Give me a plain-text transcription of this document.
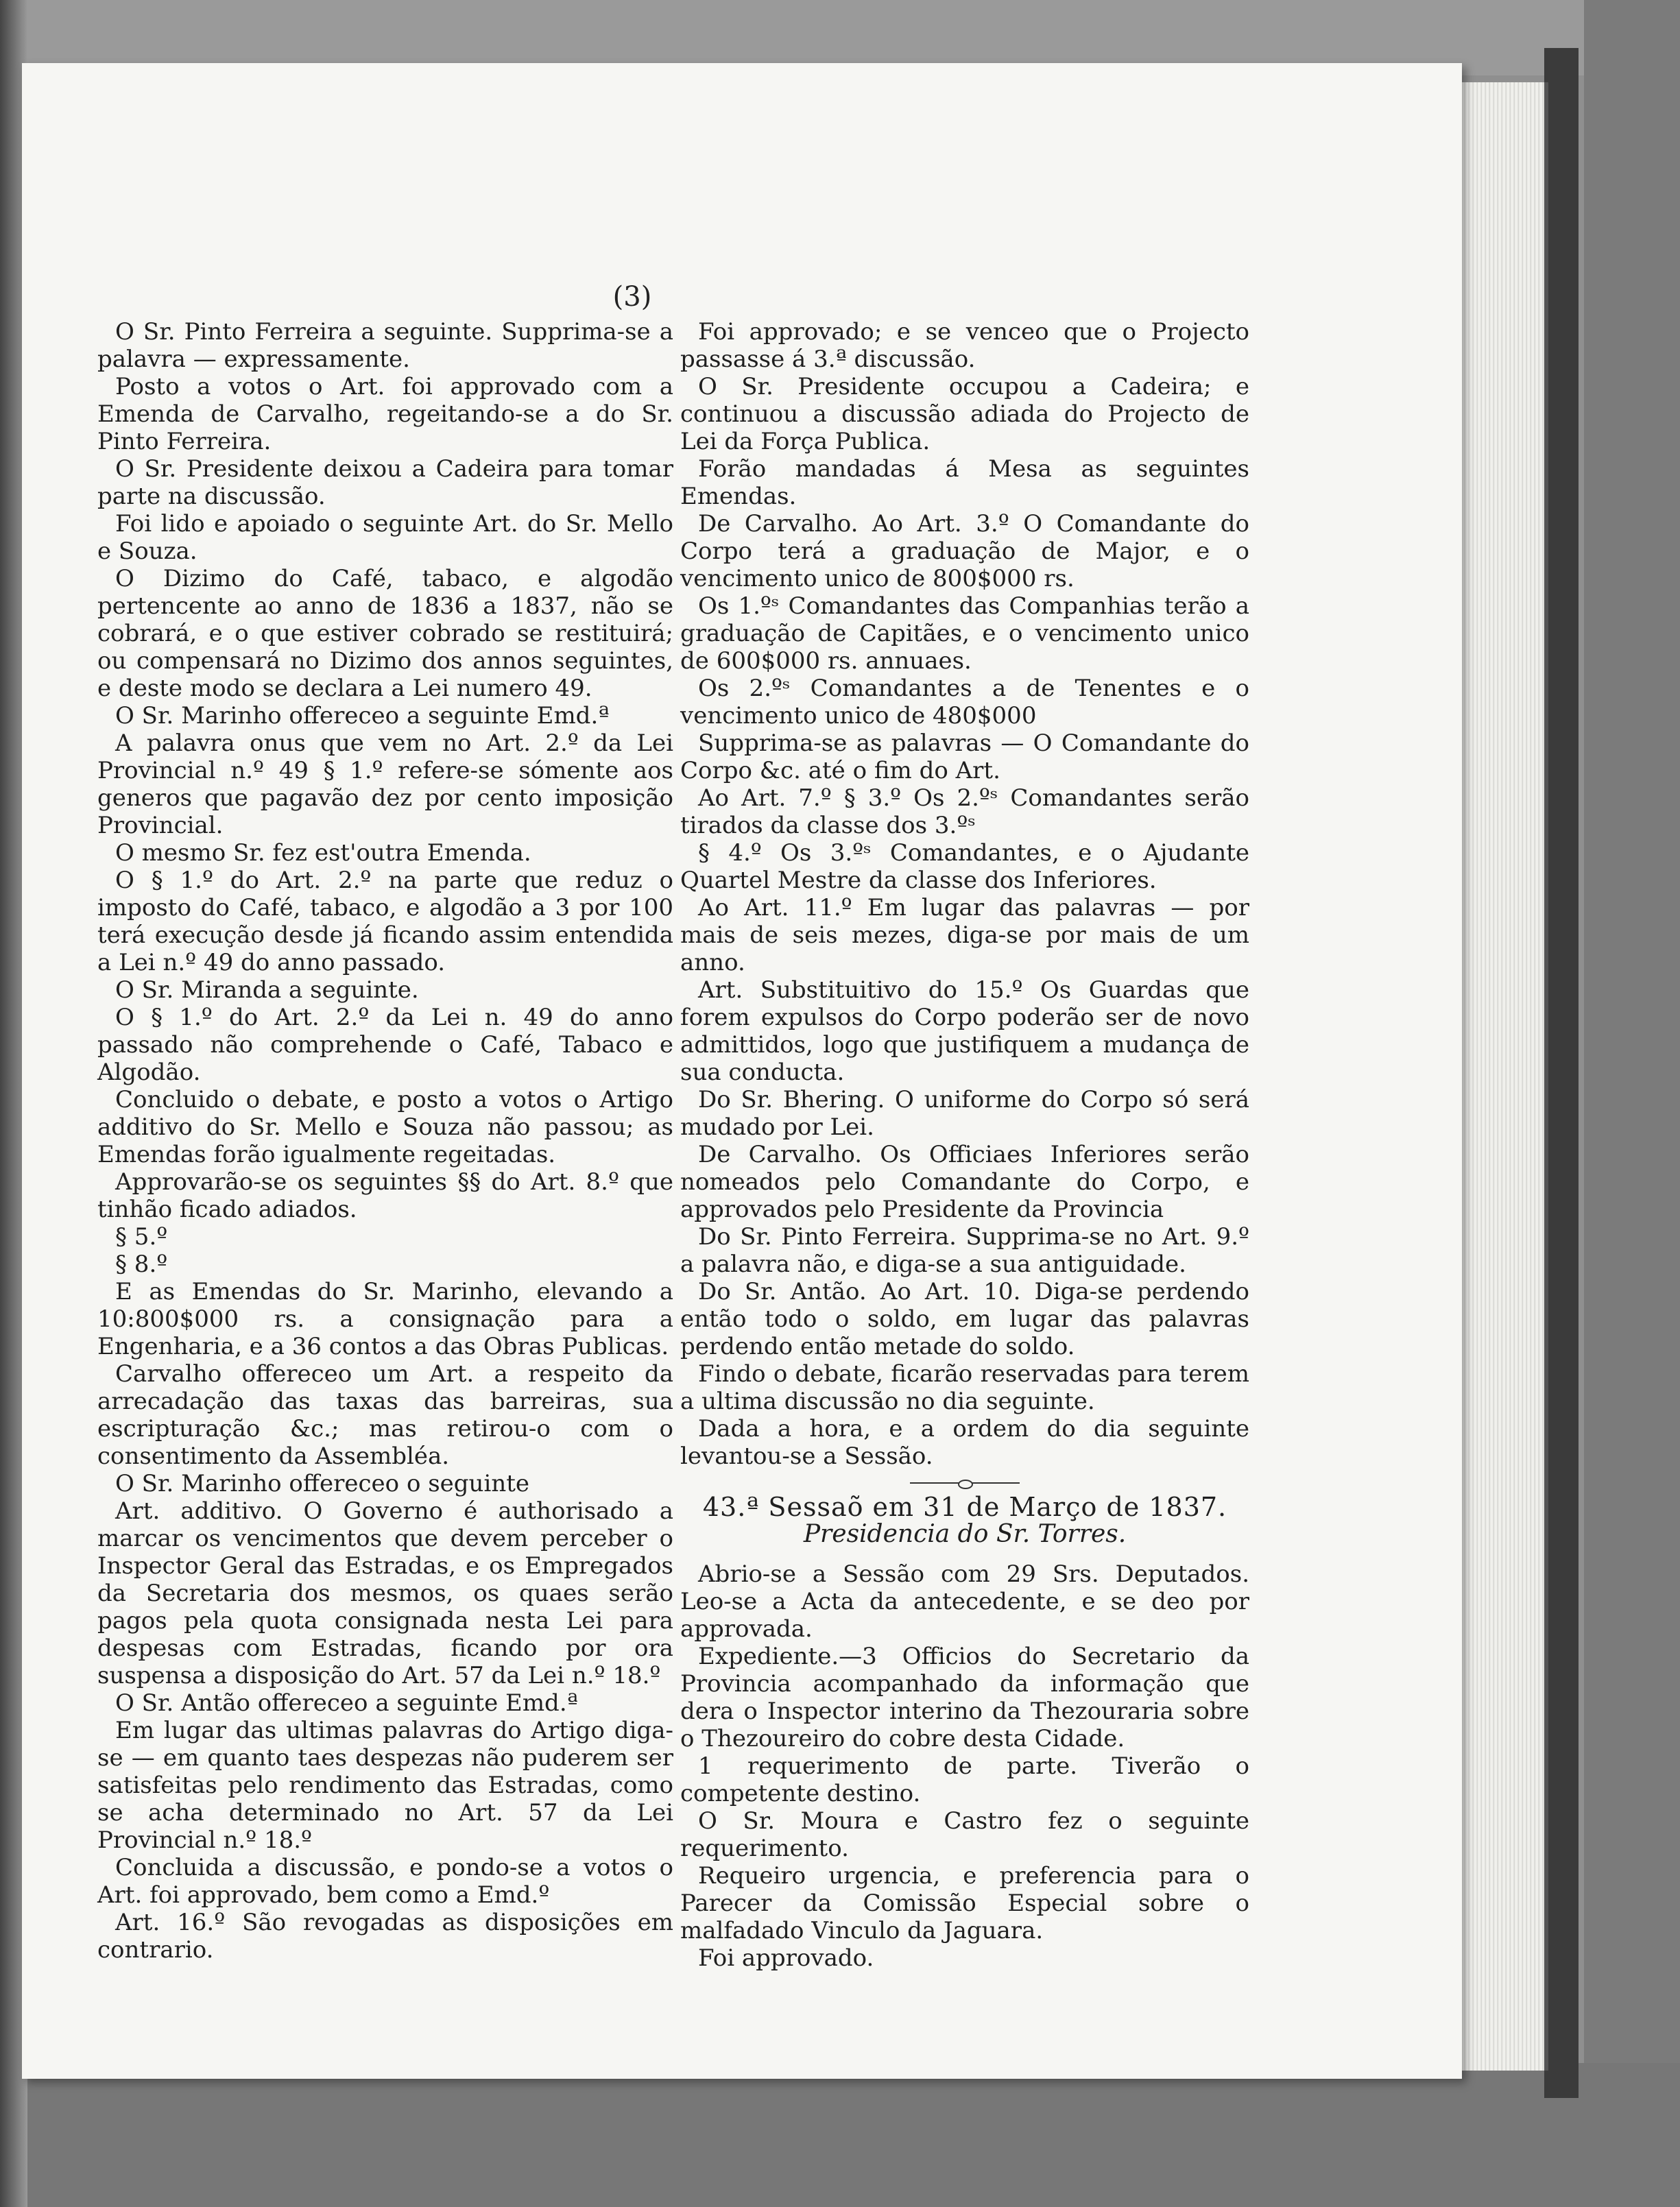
(3)

O Sr. Pinto Ferreira a seguinte. Supprima-se a palavra — expressamente.

Posto a votos o Art. foi approvado com a Emenda de Carvalho, regeitando-se a do Sr. Pinto Ferreira.

O Sr. Presidente deixou a Cadeira para tomar parte na discussão.

Foi lido e apoiado o seguinte Art. do Sr. Mello e Souza.

O Dizimo do Café, tabaco, e algodão pertencente ao anno de 1836 a 1837, não se cobrará, e o que estiver cobrado se restituirá; ou compensará no Dizimo dos annos seguintes, e deste modo se declara a Lei numero 49.

O Sr. Marinho offereceo a seguinte Emd.ª

A palavra onus que vem no Art. 2.º da Lei Provincial n.º 49 § 1.º refere-se sómente aos generos que pagavão dez por cento imposição Provincial.

O mesmo Sr. fez est'outra Emenda.

O § 1.º do Art. 2.º na parte que reduz o imposto do Café, tabaco, e algodão a 3 por 100 terá execução desde já ficando assim entendida a Lei n.º 49 do anno passado.

O Sr. Miranda a seguinte.

O § 1.º do Art. 2.º da Lei n. 49 do anno passado não comprehende o Café, Tabaco e Algodão.

Concluido o debate, e posto a votos o Artigo additivo do Sr. Mello e Souza não passou; as Emendas forão igualmente regeitadas.

Approvarão-se os seguintes §§ do Art. 8.º que tinhão ficado adiados.

§ 5.º

§ 8.º

E as Emendas do Sr. Marinho, elevando a 10:800$000 rs. a consignação para a Engenharia, e a 36 contos a das Obras Publicas.

Carvalho offereceo um Art. a respeito da arrecadação das taxas das barreiras, sua escripturação &c.; mas retirou-o com o consentimento da Assembléa.

O Sr. Marinho offereceo o seguinte

Art. additivo. O Governo é authorisado a marcar os vencimentos que devem perceber o Inspector Geral das Estradas, e os Empregados da Secretaria dos mesmos, os quaes serão pagos pela quota consignada nesta Lei para despesas com Estradas, ficando por ora suspensa a disposição do Art. 57 da Lei n.º 18.º

O Sr. Antão offereceo a seguinte Emd.ª

Em lugar das ultimas palavras do Artigo diga-se — em quanto taes despezas não puderem ser satisfeitas pelo rendimento das Estradas, como se acha determinado no Art. 57 da Lei Provincial n.º 18.º

Concluida a discussão, e pondo-se a votos o Art. foi approvado, bem como a Emd.º

Art. 16.º São revogadas as disposições em contrario.

Foi approvado; e se venceo que o Projecto passasse á 3.ª discussão.

O Sr. Presidente occupou a Cadeira; e continuou a discussão adiada do Projecto de Lei da Força Publica.

Forão mandadas á Mesa as seguintes Emendas.

De Carvalho. Ao Art. 3.º O Comandante do Corpo terá a graduação de Major, e o vencimento unico de 800$000 rs.

Os 1.ºˢ Comandantes das Companhias terão a graduação de Capitães, e o vencimento unico de 600$000 rs. annuaes.

Os 2.ºˢ Comandantes a de Tenentes e o vencimento unico de 480$000

Supprima-se as palavras — O Comandante do Corpo &c. até o fim do Art.

Ao Art. 7.º § 3.º Os 2.ºˢ Comandantes serão tirados da classe dos 3.ºˢ

§ 4.º Os 3.ºˢ Comandantes, e o Ajudante Quartel Mestre da classe dos Inferiores.

Ao Art. 11.º Em lugar das palavras — por mais de seis mezes, diga-se por mais de um anno.

Art. Substituitivo do 15.º Os Guardas que forem expulsos do Corpo poderão ser de novo admittidos, logo que justifiquem a mudança de sua conducta.

Do Sr. Bhering. O uniforme do Corpo só será mudado por Lei.

De Carvalho. Os Officiaes Inferiores serão nomeados pelo Comandante do Corpo, e approvados pelo Presidente da Provincia

Do Sr. Pinto Ferreira. Supprima-se no Art. 9.º a palavra não, e diga-se a sua antiguidade.

Do Sr. Antão. Ao Art. 10. Diga-se perdendo então todo o soldo, em lugar das palavras perdendo então metade do soldo.

Findo o debate, ficarão reservadas para terem a ultima discussão no dia seguinte.

Dada a hora, e a ordem do dia seguinte levantou-se a Sessão.

43.ª Sessaõ em 31 de Março de 1837.

Presidencia do Sr. Torres.

Abrio-se a Sessão com 29 Srs. Deputados. Leo-se a Acta da antecedente, e se deo por approvada.

Expediente.—3 Officios do Secretario da Provincia acompanhado da informação que dera o Inspector interino da Thezouraria sobre o Thezoureiro do cobre desta Cidade.

1 requerimento de parte. Tiverão o competente destino.

O Sr. Moura e Castro fez o seguinte requerimento.

Requeiro urgencia, e preferencia para o Parecer da Comissão Especial sobre o malfadado Vinculo da Jaguara.

Foi approvado.
